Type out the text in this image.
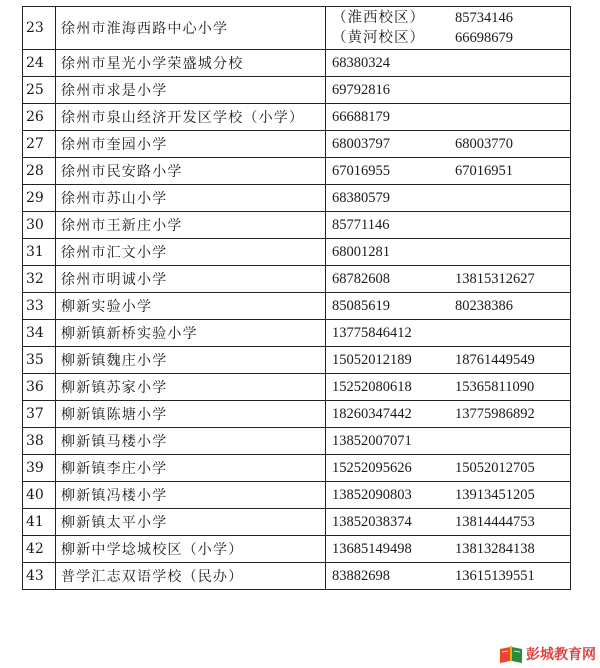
23	徐州市淮海西路中心小学	（淮西校区） 85734146
（黄河校区） 66698679

24	徐州市星光小学荣盛城分校	68380324
25	徐州市求是小学	69792816
26	徐州市泉山经济开发区学校（小学）	66688179
27	徐州市奎园小学	68003797 68003770
28	徐州市民安路小学	67016955 67016951
29	徐州市苏山小学	68380579
30	徐州市王新庄小学	85771146
31	徐州市汇文小学	68001281
32	徐州市明诚小学	68782608 13815312627
33	柳新实验小学	85085619 80238386
34	柳新镇新桥实验小学	13775846412
35	柳新镇魏庄小学	15052012189 18761449549
36	柳新镇苏家小学	15252080618 15365811090
37	柳新镇陈塘小学	18260347442 13775986892
38	柳新镇马楼小学	13852007071
39	柳新镇李庄小学	15252095626 15052012705
40	柳新镇冯楼小学	13852090803 13913451205
41	柳新镇太平小学	13852038374 13814444753
42	柳新中学埝城校区（小学）	13685149498 13813284138
43	普学汇志双语学校（民办）	83882698 13615139551
彭城教育网
